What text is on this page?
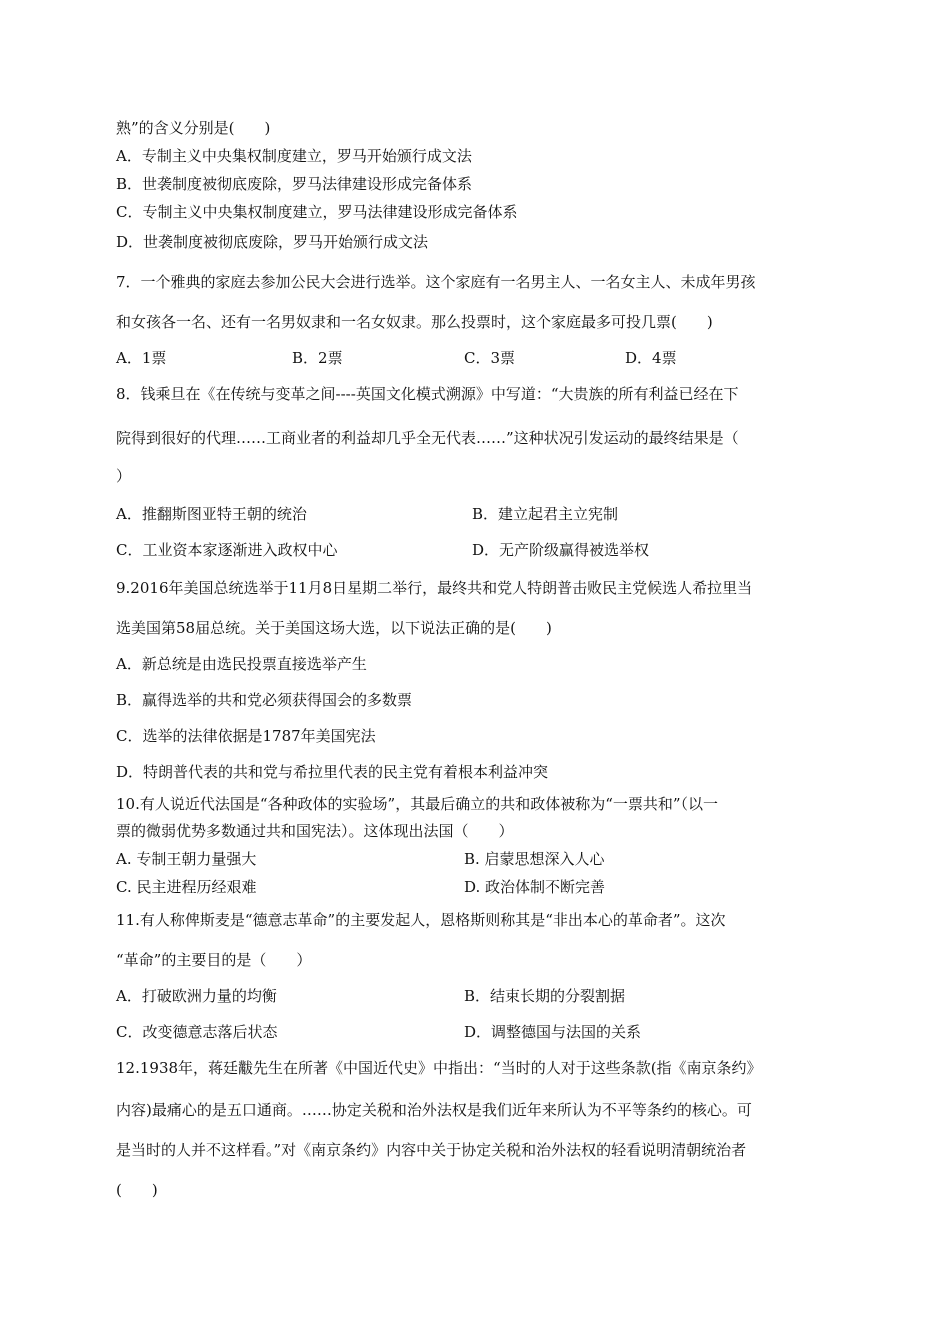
熟”的含义分别是(　　)
A．专制主义中央集权制度建立，罗马开始颁行成文法
B．世袭制度被彻底废除，罗马法律建设形成完备体系
C．专制主义中央集权制度建立，罗马法律建设形成完备体系
D．世袭制度被彻底废除，罗马开始颁行成文法
7．一个雅典的家庭去参加公民大会进行选举。这个家庭有一名男主人、一名女主人、未成年男孩
和女孩各一名、还有一名男奴隶和一名女奴隶。那么投票时，这个家庭最多可投几票(　　)
A．1票	B．2票	C．3票	D．4票
8．钱乘旦在《在传统与变革之间----英国文化模式溯源》中写道：“大贵族的所有利益已经在下
院得到很好的代理……工商业者的利益却几乎全无代表……”这种状况引发运动的最终结果是（
）
A．推翻斯图亚特王朝的统治	B．建立起君主立宪制
C．工业资本家逐渐进入政权中心	D．无产阶级赢得被选举权
9.2016年美国总统选举于11月8日星期二举行，最终共和党人特朗普击败民主党候选人希拉里当
选美国第58届总统。关于美国这场大选，以下说法正确的是(　　)
A．新总统是由选民投票直接选举产生
B．赢得选举的共和党必须获得国会的多数票
C．选举的法律依据是1787年美国宪法
D．特朗普代表的共和党与希拉里代表的民主党有着根本利益冲突
10.有人说近代法国是“各种政体的实验场”，其最后确立的共和政体被称为“一票共和”（以一
票的微弱优势多数通过共和国宪法）。这体现出法国（　　）
A. 专制王朝力量强大	B. 启蒙思想深入人心
C. 民主进程历经艰难	D. 政治体制不断完善
11.有人称俾斯麦是“德意志革命”的主要发起人，恩格斯则称其是“非出本心的革命者”。这次
“革命”的主要目的是（　　）
A．打破欧洲力量的均衡	B．结束长期的分裂割据
C．改变德意志落后状态	D．调整德国与法国的关系
12.1938年，蒋廷黻先生在所著《中国近代史》中指出：“当时的人对于这些条款(指《南京条约》
内容)最痛心的是五口通商。……协定关税和治外法权是我们近年来所认为不平等条约的核心。可
是当时的人并不这样看。”对《南京条约》内容中关于协定关税和治外法权的轻看说明清朝统治者
(　　)
